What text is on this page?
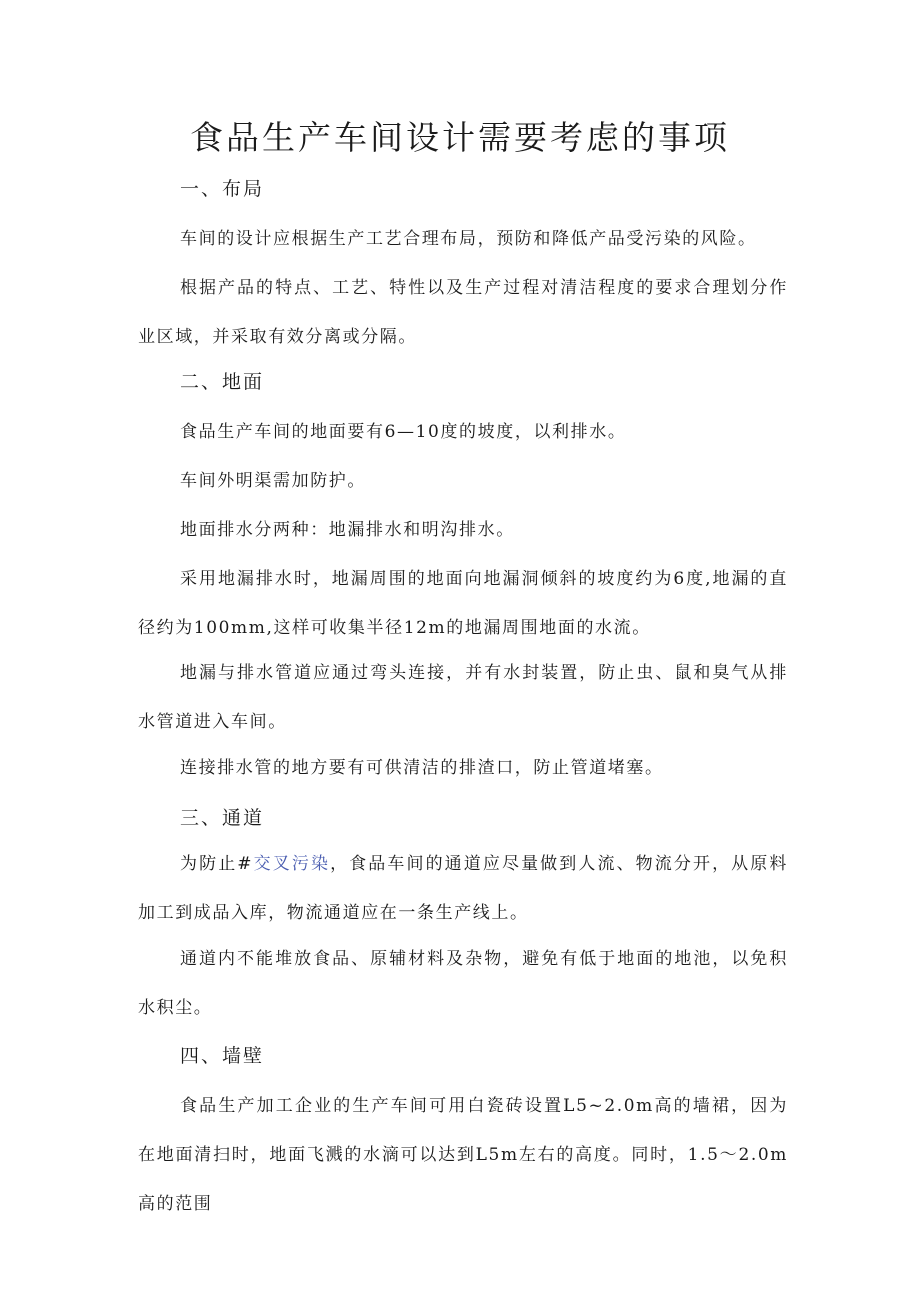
食品生产车间设计需要考虑的事项
一、布局

车间的设计应根据生产工艺合理布局，预防和降低产品受污染的风险。

根据产品的特点、工艺、特性以及生产过程对清洁程度的要求合理划分作业区域，并采取有效分离或分隔。

二、地面

食品生产车间的地面要有6—10度的坡度，以利排水。

车间外明渠需加防护。

地面排水分两种：地漏排水和明沟排水。

采用地漏排水时，地漏周围的地面向地漏洞倾斜的坡度约为6度,地漏的直径约为100mm,这样可收集半径12m的地漏周围地面的水流。

地漏与排水管道应通过弯头连接，并有水封装置，防止虫、鼠和臭气从排水管道进入车间。

连接排水管的地方要有可供清洁的排渣口，防止管道堵塞。

三、通道

为防止#交叉污染，食品车间的通道应尽量做到人流、物流分开，从原料加工到成品入库，物流通道应在一条生产线上。

通道内不能堆放食品、原辅材料及杂物，避免有低于地面的地池，以免积水积尘。

四、墙壁

食品生产加工企业的生产车间可用白瓷砖设置L5~2.0m高的墙裙，因为在地面清扫时，地面飞溅的水滴可以达到L5m左右的高度。同时，1.5～2.0m高的范围
